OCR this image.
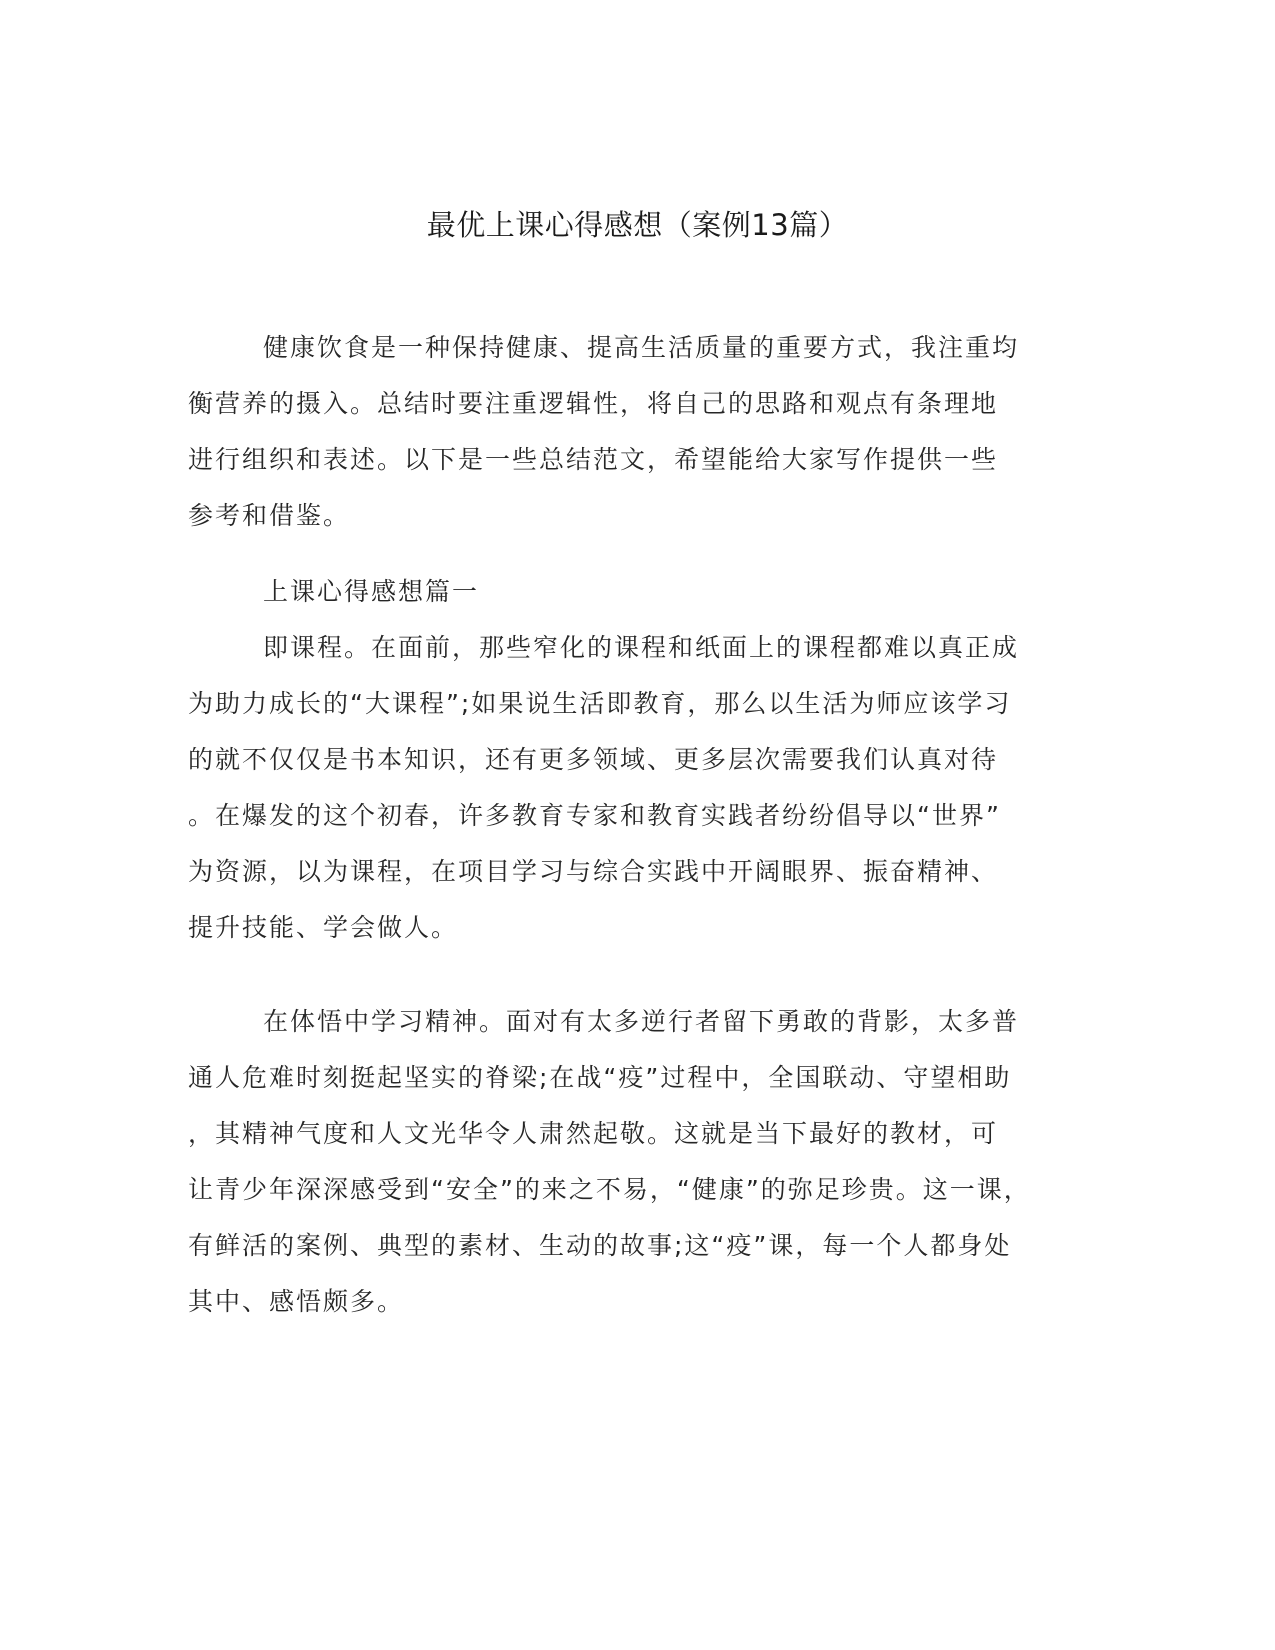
最优上课心得感想（案例13篇）
健康饮食是一种保持健康、提高生活质量的重要方式，我注重均
衡营养的摄入。总结时要注重逻辑性，将自己的思路和观点有条理地
进行组织和表述。以下是一些总结范文，希望能给大家写作提供一些
参考和借鉴。
上课心得感想篇一
即课程。在面前，那些窄化的课程和纸面上的课程都难以真正成
为助力成长的“大课程”;如果说生活即教育，那么以生活为师应该学习
的就不仅仅是书本知识，还有更多领域、更多层次需要我们认真对待
。在爆发的这个初春，许多教育专家和教育实践者纷纷倡导以“世界”
为资源，以为课程，在项目学习与综合实践中开阔眼界、振奋精神、
提升技能、学会做人。
在体悟中学习精神。面对有太多逆行者留下勇敢的背影，太多普
通人危难时刻挺起坚实的脊梁;在战“疫”过程中，全国联动、守望相助
，其精神气度和人文光华令人肃然起敬。这就是当下最好的教材，可
让青少年深深感受到“安全”的来之不易，“健康”的弥足珍贵。这一课，
有鲜活的案例、典型的素材、生动的故事;这“疫”课，每一个人都身处
其中、感悟颇多。
